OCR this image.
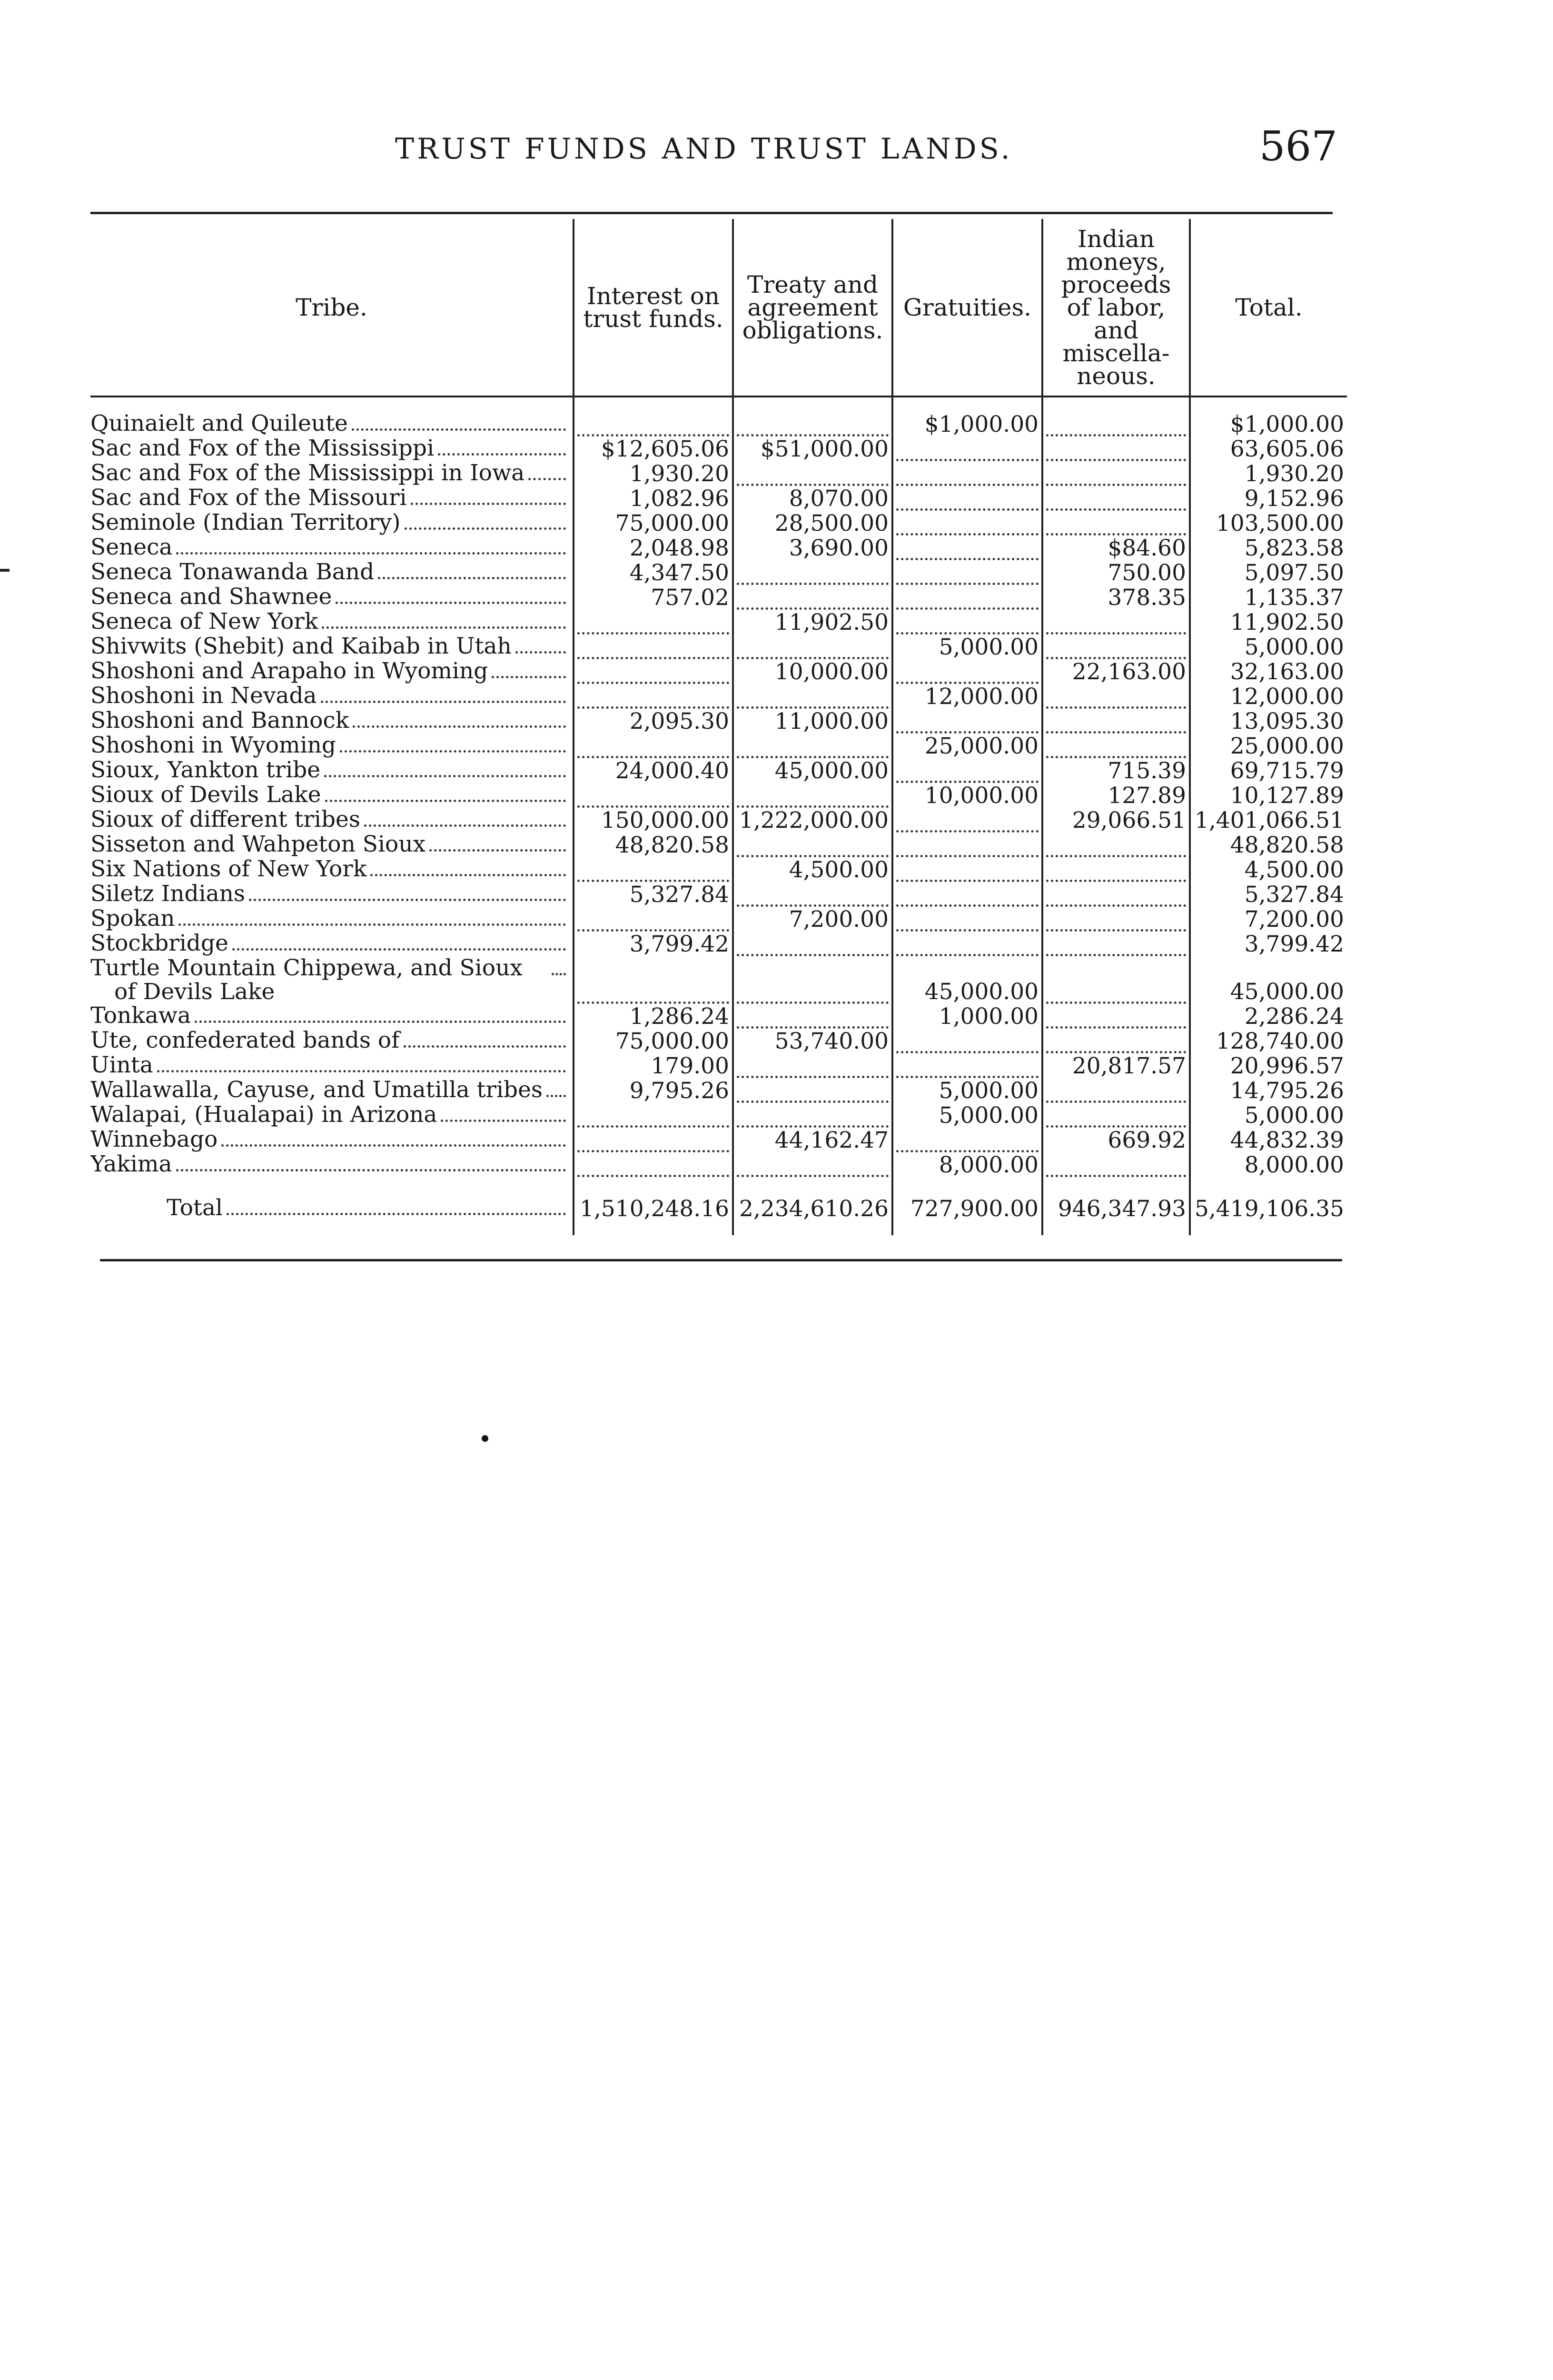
TRUST FUNDS AND TRUST LANDS.	567
Tribe.	Interest on trust funds.	Treaty and agreement obligations.	Gratuities.	Indian moneys, proceeds of labor, and miscella-neous.	Total.

Quinaielt and Quileute			$1,000.00		$1,000.00

Sac and Fox of the Mississippi	$12,605.06	$51,000.00			63,605.06

Sac and Fox of the Mississippi in Iowa	1,930.20				1,930.20

Sac and Fox of the Missouri	1,082.96	8,070.00			9,152.96

Seminole (Indian Territory)	75,000.00	28,500.00			103,500.00

Seneca	2,048.98	3,690.00		$84.60	5,823.58

Seneca Tonawanda Band	4,347.50			750.00	5,097.50

Seneca and Shawnee	757.02			378.35	1,135.37

Seneca of New York		11,902.50			11,902.50

Shivwits (Shebit) and Kaibab in Utah			5,000.00		5,000.00

Shoshoni and Arapaho in Wyoming		10,000.00		22,163.00	32,163.00

Shoshoni in Nevada			12,000.00		12,000.00

Shoshoni and Bannock	2,095.30	11,000.00			13,095.30

Shoshoni in Wyoming			25,000.00		25,000.00

Sioux, Yankton tribe	24,000.40	45,000.00		715.39	69,715.79

Sioux of Devils Lake			10,000.00	127.89	10,127.89

Sioux of different tribes	150,000.00	1,222,000.00		29,066.51	1,401,066.51

Sisseton and Wahpeton Sioux	48,820.58				48,820.58

Six Nations of New York		4,500.00			4,500.00

Siletz Indians	5,327.84				5,327.84

Spokan		7,200.00			7,200.00

Stockbridge	3,799.42				3,799.42

Turtle Mountain Chippewa, and Sioux of Devils Lake			45,000.00		45,000.00

Tonkawa	1,286.24		1,000.00		2,286.24

Ute, confederated bands of	75,000.00	53,740.00			128,740.00

Uinta	179.00			20,817.57	20,996.57

Wallawalla, Cayuse, and Umatilla tribes	9,795.26		5,000.00		14,795.26

Walapai, (Hualapai) in Arizona			5,000.00		5,000.00

Winnebago		44,162.47		669.92	44,832.39

Yakima			8,000.00		8,000.00

Total	1,510,248.16	2,234,610.26	727,900.00	946,347.93	5,419,106.35
